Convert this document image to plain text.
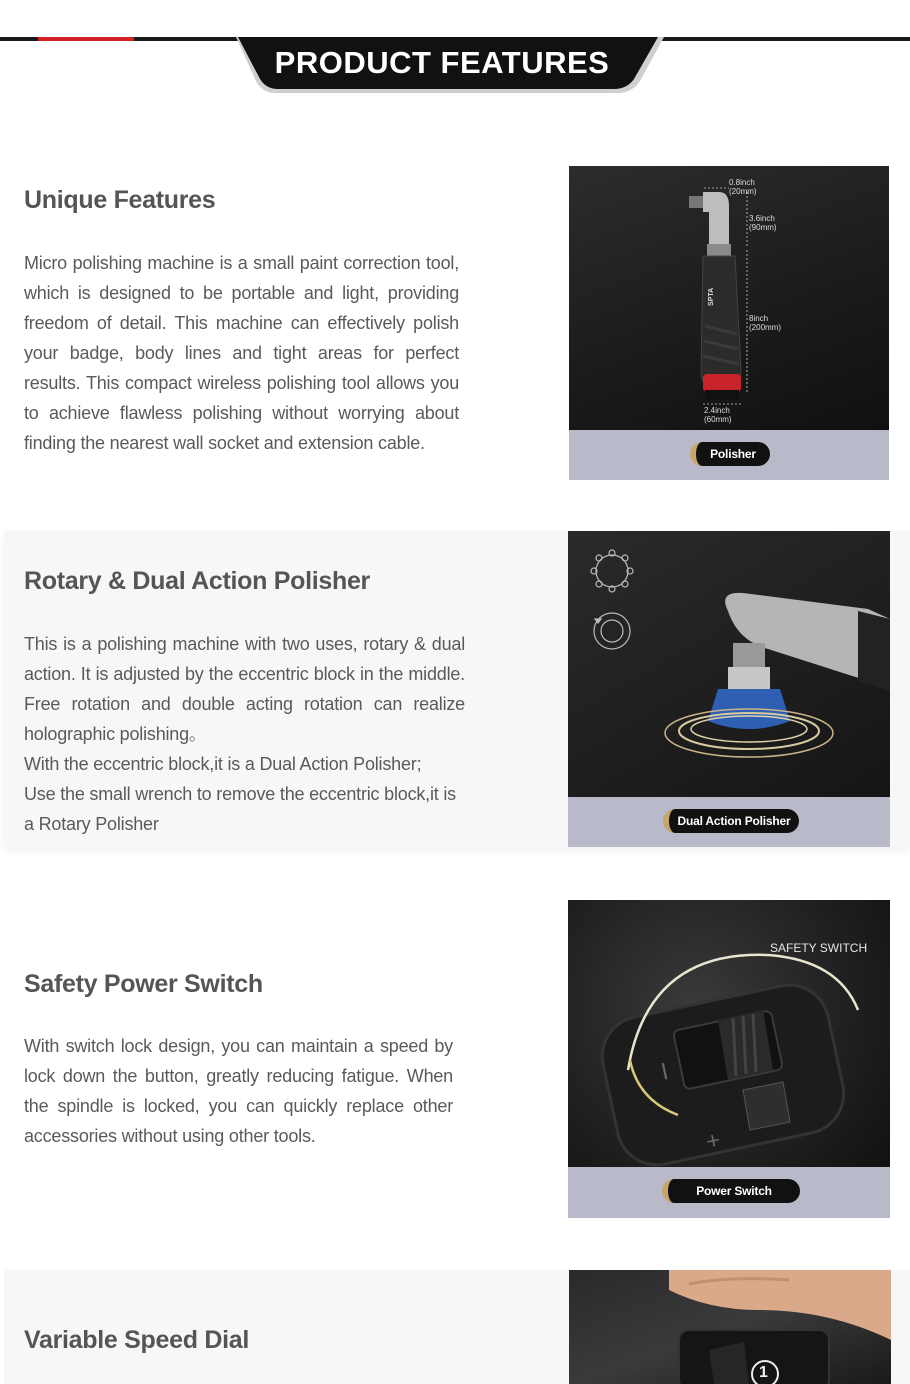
PRODUCT FEATURES
Unique Features

Micro polishing machine is a small paint correction tool, which is designed to be portable and light, providing freedom of detail. This machine can effectively polish your badge, body lines and tight areas for perfect results. This compact wireless polishing tool allows you to achieve flawless polishing without worrying about finding the nearest wall socket and extension cable.

SPTA
0.8inch
(20mm)
3.6inch
(90mm)
8inch
(200mm)
2.4inch
(60mm)
Polisher
Rotary & Dual Action Polisher

This is a polishing machine with two uses, rotary & dual action. It is adjusted by the eccentric block in the middle. Free rotation and double acting rotation can realize holographic polishing。

With the eccentric block,it is a Dual Action Polisher;

Use the small wrench to remove the eccentric block,it is a Rotary Polisher	Dual Action Polisher
Safety Power Switch

With switch lock design, you can maintain a speed by lock down the button, greatly reducing fatigue. When the spindle is locked, you can quickly replace other accessories without using other tools.

I
+
SAFETY SWITCH
Power Switch
Variable Speed Dial
1
